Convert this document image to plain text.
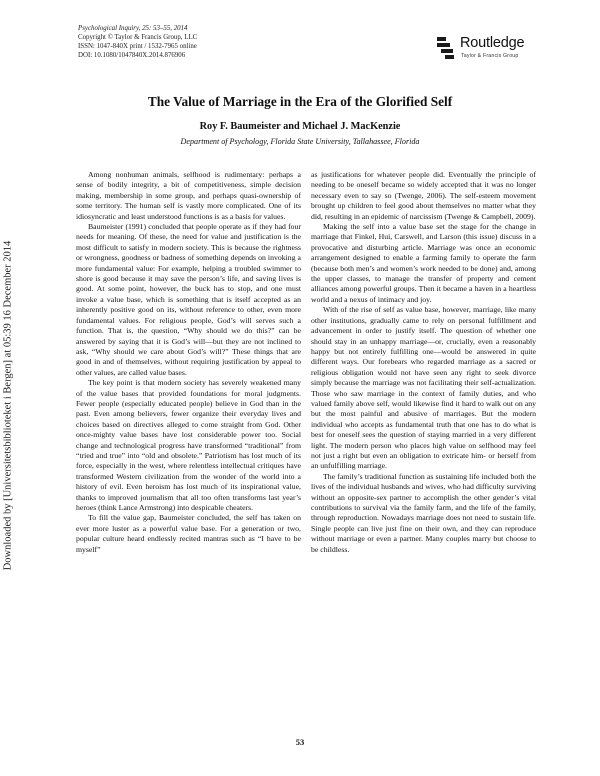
Downloaded by [Universitetsbiblioteket i Bergen] at 05:39 16 December 2014
Psychological Inquiry, 25: 53–55, 2014
Copyright © Taylor & Francis Group, LLC
ISSN: 1047-840X print / 1532-7965 online
DOI: 10.1080/1047840X.2014.876906
Routledge
Taylor & Francis Group
The Value of Marriage in the Era of the Glorified Self

Roy F. Baumeister and Michael J. MacKenzie

Department of Psychology, Florida State University, Tallahassee, Florida

Among nonhuman animals, selfhood is rudimentary: perhaps a sense of bodily integrity, a bit of competitiveness, simple decision making, membership in some group, and perhaps quasi-ownership of some territory. The human self is vastly more complicated. One of its idiosyncratic and least understood functions is as a basis for values.

Baumeister (1991) concluded that people operate as if they had four needs for meaning. Of these, the need for value and justification is the most difficult to satisfy in modern society. This is because the rightness or wrongness, goodness or badness of something depends on invoking a more fundamental value: For example, helping a troubled swimmer to shore is good because it may save the person’s life, and saving lives is good. At some point, however, the buck has to stop, and one must invoke a value base, which is something that is itself accepted as an inherently positive good on its, without reference to other, even more fundamental values. For religious people, God’s will serves such a function. That is, the question, “Why should we do this?” can be answered by saying that it is God’s will—but they are not inclined to ask, “Why should we care about God’s will?” These things that are good in and of themselves, without requiring justification by appeal to other values, are called value bases.

The key point is that modern society has severely weakened many of the value bases that provided foundations for moral judgments. Fewer people (especially educated people) believe in God than in the past. Even among believers, fewer organize their everyday lives and choices based on directives alleged to come straight from God. Other once-mighty value bases have lost considerable power too. Social change and technological progress have transformed “traditional” from “tried and true” into “old and obsolete.” Patriotism has lost much of its force, especially in the west, where relentless intellectual critiques have transformed Western civilization from the wonder of the world into a history of evil. Even heroism has lost much of its inspirational value, thanks to improved journalism that all too often transforms last year’s heroes (think Lance Armstrong) into despicable cheaters.

To fill the value gap, Baumeister concluded, the self has taken on ever more luster as a powerful value base. For a generation or two, popular culture heard endlessly recited mantras such as “I have to be myself”

as justifications for whatever people did. Eventually the principle of needing to be oneself became so widely accepted that it was no longer necessary even to say so (Twenge, 2006). The self-esteem movement brought up children to feel good about themselves no matter what they did, resulting in an epidemic of narcissism (Twenge & Campbell, 2009).

Making the self into a value base set the stage for the change in marriage that Finkel, Hui, Carswell, and Larson (this issue) discuss in a provocative and disturbing article. Marriage was once an economic arrangement designed to enable a farming family to operate the farm (because both men’s and women’s work needed to be done) and, among the upper classes, to manage the transfer of property and cement alliances among powerful groups. Then it became a haven in a heartless world and a nexus of intimacy and joy.

With of the rise of self as value base, however, marriage, like many other institutions, gradually came to rely on personal fulfillment and advancement in order to justify itself. The question of whether one should stay in an unhappy marriage—or, crucially, even a reasonably happy but not entirely fulfilling one—would be answered in quite different ways. Our forebears who regarded marriage as a sacred or religious obligation would not have seen any right to seek divorce simply because the marriage was not facilitating their self-actualization. Those who saw marriage in the context of family duties, and who valued family above self, would likewise find it hard to walk out on any but the most painful and abusive of marriages. But the modern individual who accepts as fundamental truth that one has to do what is best for oneself sees the question of staying married in a very different light. The modern person who places high value on selfhood may feel not just a right but even an obligation to extricate him- or herself from an unfulfilling marriage.

The family’s traditional function as sustaining life included both the lives of the individual husbands and wives, who had difficulty surviving without an opposite-sex partner to accomplish the other gender’s vital contributions to survival via the family farm, and the life of the family, through reproduction. Nowadays marriage does not need to sustain life. Single people can live just fine on their own, and they can reproduce without marriage or even a partner. Many couples marry but choose to be childless.

53
